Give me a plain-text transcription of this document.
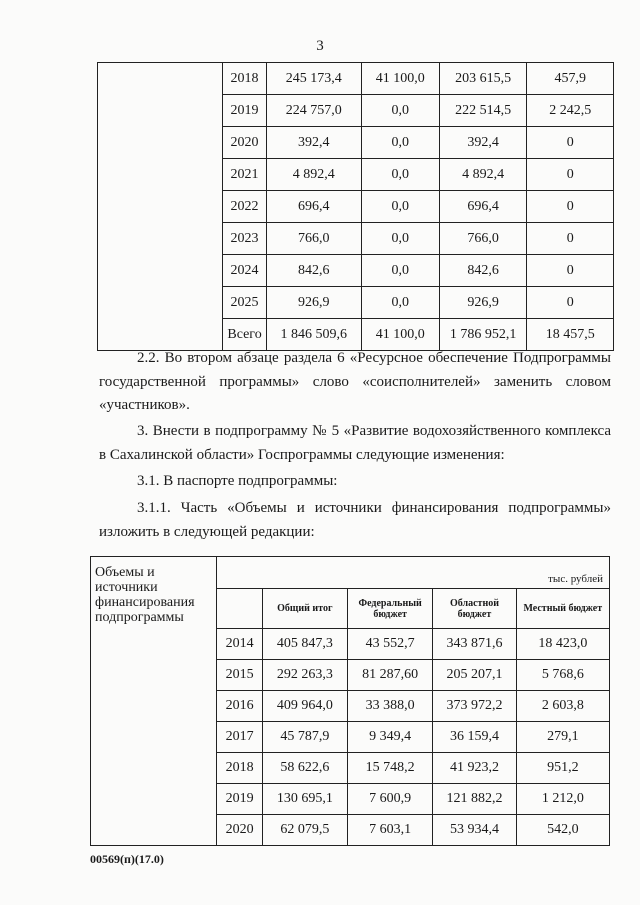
3
	2018	245 173,4	41 100,0	203 615,5	457,9
	2019	224 757,0	0,0	222 514,5	2 242,5
	2020	392,4	0,0	392,4	0
	2021	4 892,4	0,0	4 892,4	0
	2022	696,4	0,0	696,4	0
	2023	766,0	0,0	766,0	0
	2024	842,6	0,0	842,6	0
	2025	926,9	0,0	926,9	0
	Всего	1 846 509,6	41 100,0	1 786 952,1	18 457,5
2.2. Во втором абзаце раздела 6 «Ресурсное обеспечение Подпрограммы государственной программы» слово «соисполнителей» заменить словом «участников».
3. Внести в подпрограмму № 5 «Развитие водохозяйственного комплекса в Сахалинской области» Госпрограммы следующие изменения:
3.1. В паспорте подпрограммы:
3.1.1. Часть «Объемы и источники финансирования подпрограммы» изложить в следующей редакции:
Объемы и источники финансирования подпрограммы	тыс. рублей				
		Общий итог	Федеральный бюджет	Областной бюджет	Местный бюджет
	2014	405 847,3	43 552,7	343 871,6	18 423,0
	2015	292 263,3	81 287,60	205 207,1	5 768,6
	2016	409 964,0	33 388,0	373 972,2	2 603,8
	2017	45 787,9	9 349,4	36 159,4	279,1
	2018	58 622,6	15 748,2	41 923,2	951,2
	2019	130 695,1	7 600,9	121 882,2	1 212,0
	2020	62 079,5	7 603,1	53 934,4	542,0
00569(п)(17.0)
